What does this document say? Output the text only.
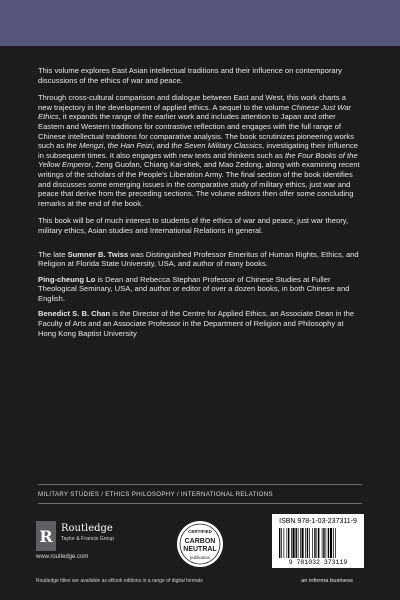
This volume explores East Asian intellectual traditions and their influence on contemporary discussions of the ethics of war and peace.

Through cross-cultural comparison and dialogue between East and West, this work charts a new trajectory in the development of applied ethics. A sequel to the volume Chinese Just War Ethics, it expands the range of the earlier work and includes attention to Japan and other Eastern and Western traditions for contrastive reflection and engages with the full range of Chinese intellectual traditions for comparative analysis. The book scrutinizes pioneering works such as the Mengzi, the Han Feizi, and the Seven Military Classics, investigating their influence in subsequent times. It also engages with new texts and thinkers such as the Four Books of the Yellow Emperor, Zeng Guofan, Chiang Kai-shek, and Mao Zedong, along with examining recent writings of the scholars of the People's Liberation Army. The final section of the book identifies and discusses some emerging issues in the comparative study of military ethics, just war and peace that derive from the preceding sections. The volume editors then offer some concluding remarks at the end of the book.

This book will be of much interest to students of the ethics of war and peace, just war theory, military ethics, Asian studies and International Relations in general.

The late Sumner B. Twiss was Distinguished Professor Emeritus of Human Rights, Ethics, and Religion at Florida State University, USA, and author of many books.

Ping-cheung Lo is Dean and Rebecca Stephan Professor of Chinese Studies at Fuller Theological Seminary, USA, and author or editor of over a dozen books, in both Chinese and English.

Benedict S. B. Chan is the Director of the Centre for Applied Ethics, an Associate Dean in the Faculty of Arts and an Associate Professor in the Department of Religion and Philosophy at Hong Kong Baptist University

MILITARY STUDIES / ETHICS PHILOSOPHY / INTERNATIONAL RELATIONS
R Routledge
Taylor & Francis Group
www.routledge.com
CERTIFIED
CARBON
NEUTRAL
publication
ISBN 978-1-03-237311-9
9 781032 373119
Routledge titles are available as eBook editions in a range of digital formats	an informa business
